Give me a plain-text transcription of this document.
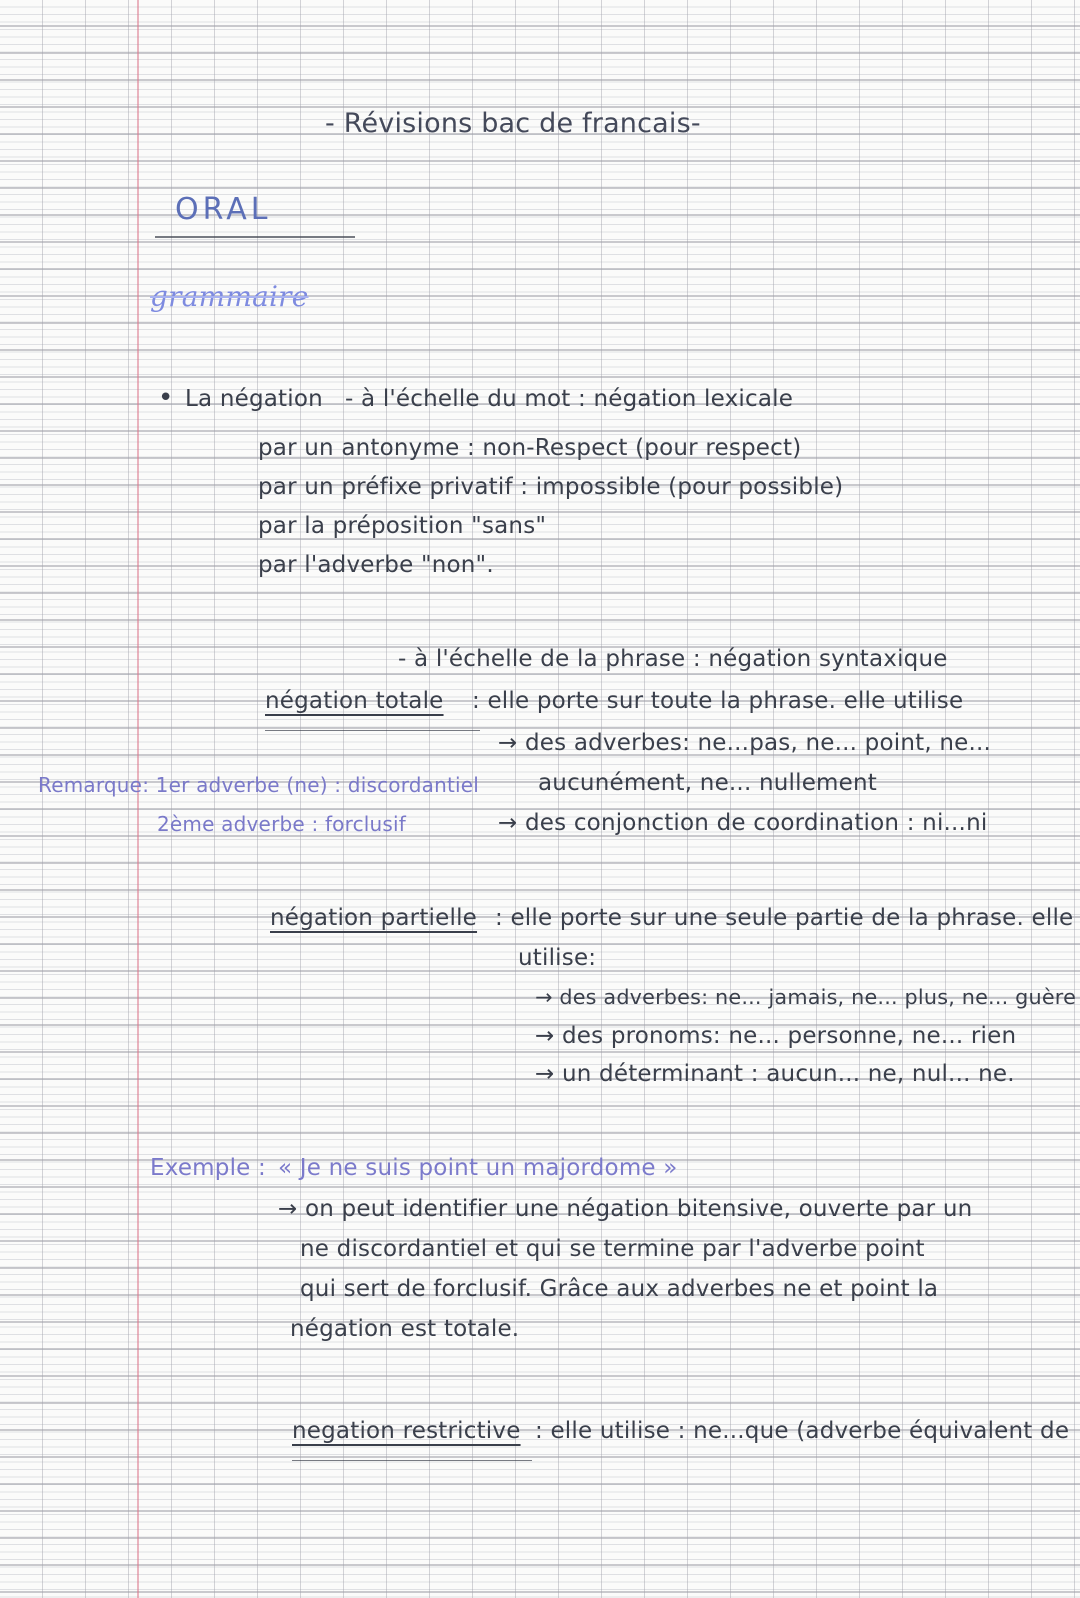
- Révisions bac de francais-
ORAL
grammaire
• La négation - à l'échelle du mot : négation lexicale
par un antonyme : non-Respect (pour respect)
par un préfixe privatif : impossible (pour possible)
par la préposition "sans"
par l'adverbe "non".
- à l'échelle de la phrase : négation syntaxique
négation totale : elle porte sur toute la phrase. elle utilise
→ des adverbes: ne...pas, ne... point, ne...
aucunément, ne... nullement
→ des conjonction de coordination : ni...ni
Remarque: 1er adverbe (ne) : discordantiel
2ème adverbe : forclusif
négation partielle : elle porte sur une seule partie de la phrase. elle
utilise:
→ des adverbes: ne... jamais, ne... plus, ne... guère
→ des pronoms: ne... personne, ne... rien
→ un déterminant : aucun... ne, nul... ne.
Exemple : « Je ne suis point un majordome »
→ on peut identifier une négation bitensive, ouverte par un
ne discordantiel et qui se termine par l'adverbe point
qui sert de forclusif. Grâce aux adverbes ne et point la
négation est totale.
negation restrictive : elle utilise : ne...que (adverbe équivalent de
